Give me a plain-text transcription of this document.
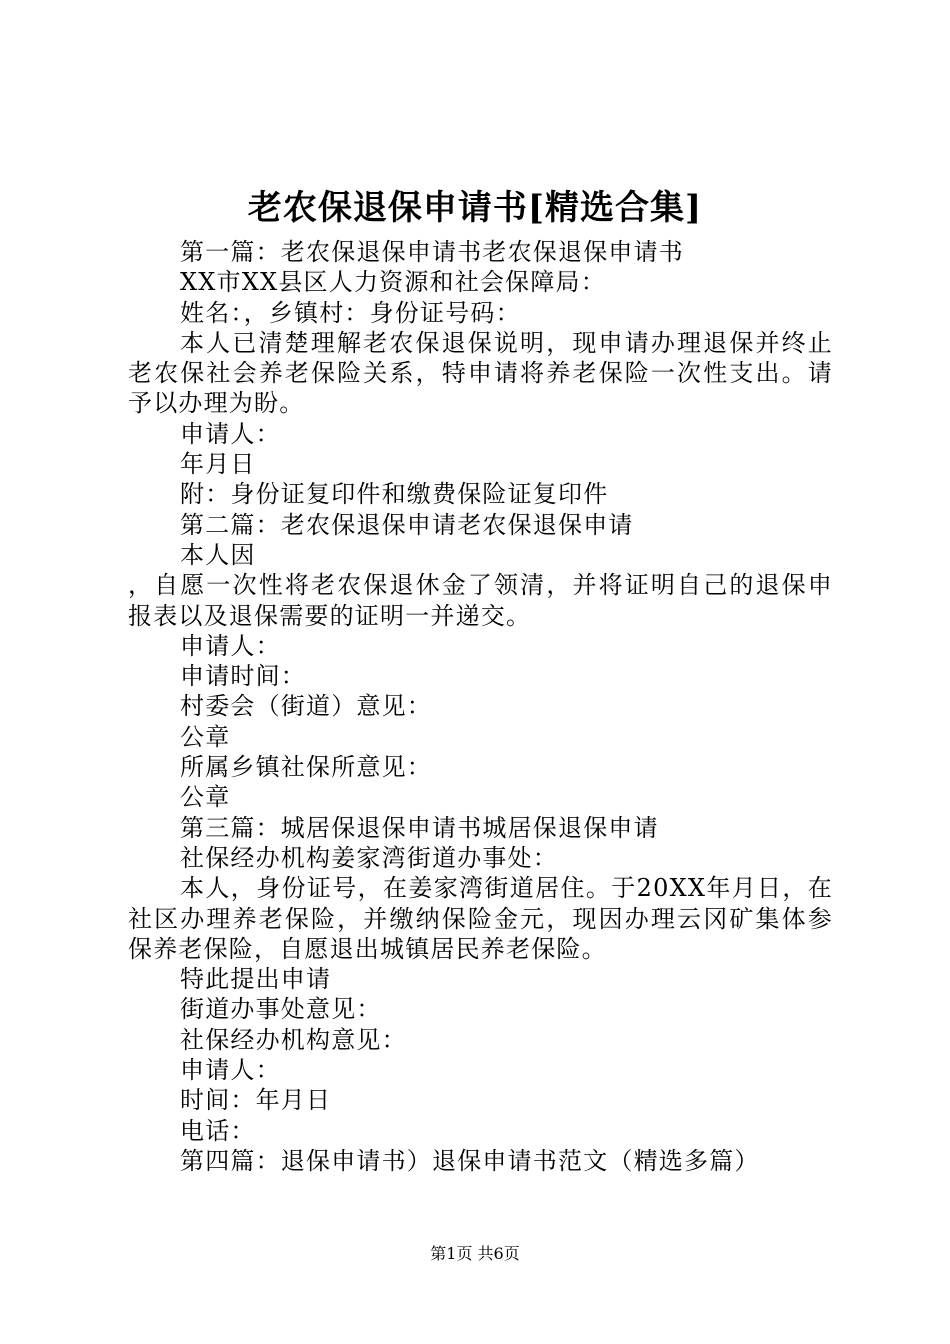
老农保退保申请书[精选合集]

第一篇：老农保退保申请书老农保退保申请书

XX市XX县区人力资源和社会保障局：

姓名：，乡镇村：身份证号码：

本人已清楚理解老农保退保说明，现申请办理退保并终止老农保社会养老保险关系，特申请将养老保险一次性支出。请予以办理为盼。

申请人：

年月日

附：身份证复印件和缴费保险证复印件

第二篇：老农保退保申请老农保退保申请

本人因

，自愿一次性将老农保退休金了领清，并将证明自己的退保申报表以及退保需要的证明一并递交。

申请人：

申请时间：

村委会（街道）意见：

公章

所属乡镇社保所意见：

公章

第三篇：城居保退保申请书城居保退保申请

社保经办机构姜家湾街道办事处：

本人，身份证号，在姜家湾街道居住。于20XX年月日，在社区办理养老保险，并缴纳保险金元，现因办理云冈矿集体参保养老保险，自愿退出城镇居民养老保险。

特此提出申请

街道办事处意见：

社保经办机构意见：

申请人：

时间：年月日

电话：

第四篇：退保申请书）退保申请书范文（精选多篇）

第1页 共6页
